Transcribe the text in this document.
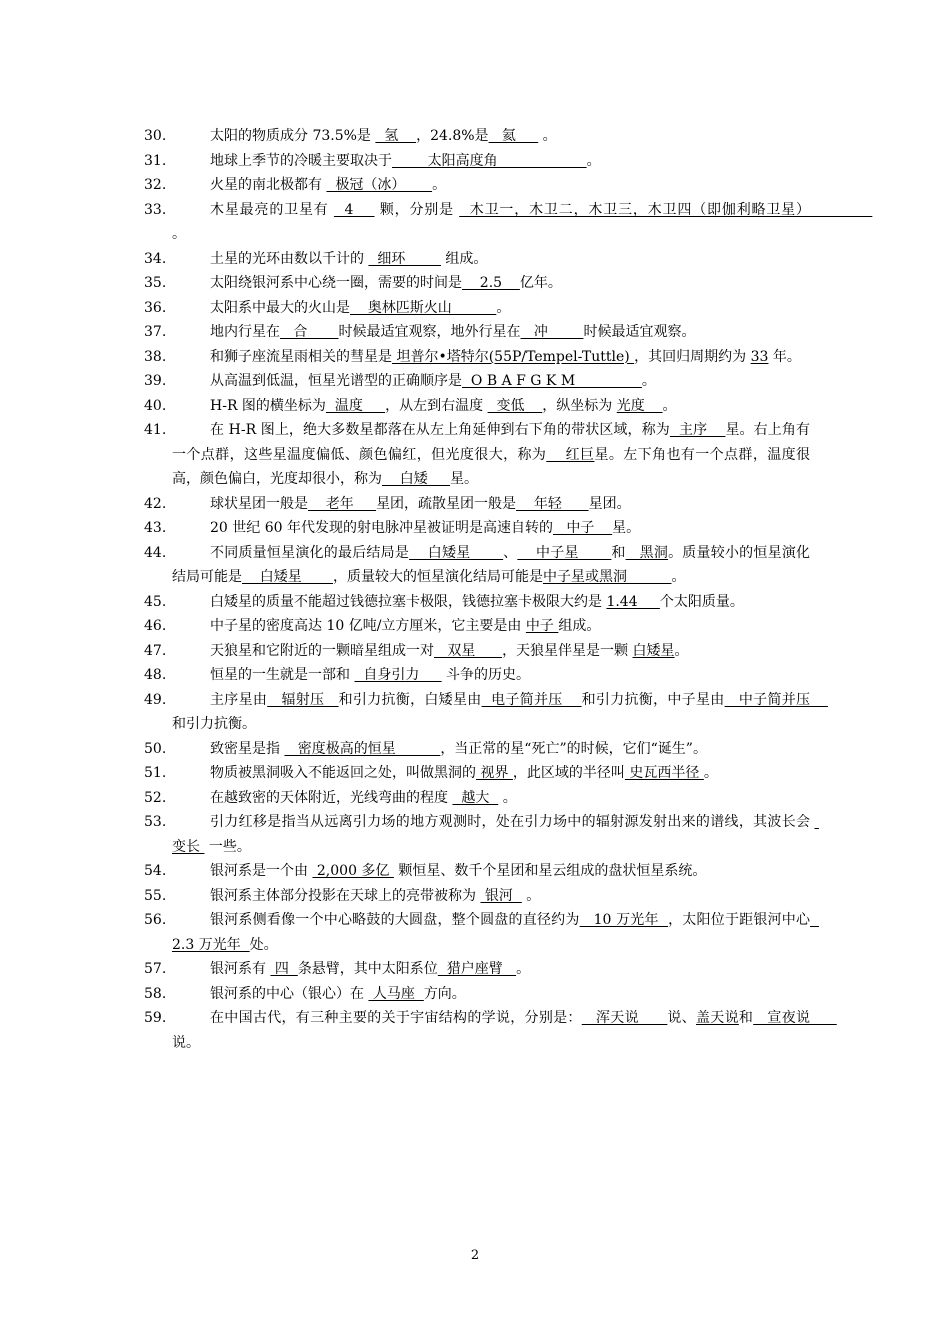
30.	太阳的物质成分 73.5%是   氢    ，24.8%是   氦      。
31.	地球上季节的冷暖主要取决于        太阳高度角                    。
32.	火星的南北极都有   极冠（冰）      。
33.	木星最亮的卫星有   4     颗，分别是   木卫一，木卫二，木卫三，木卫四（即伽利略卫星）               。
34.	土星的光环由数以千计的   细环         组成。
35.	太阳绕银河系中心绕一圈，需要的时间是    2.5    亿年。
36.	太阳系中最大的火山是    奥林匹斯火山          。
37.	地内行星在   合       时候最适宜观察，地外行星在   冲        时候最适宜观察。
38.	和狮子座流星雨相关的彗星是 坦普尔•塔特尔(55P/Tempel-Tuttle) ，其回归周期约为 33 年。
39.	从高温到低温，恒星光谱型的正确顺序是  O B A F G K M               。
40.	H-R 图的横坐标为  温度     ，从左到右温度   变低    ，纵坐标为 光度    。
41.	在 H-R 图上，绝大多数星都落在从左上角延伸到右下角的带状区域，称为  主序    星。右上角有一个点群，这些星温度偏低、颜色偏红，但光度很大，称为    红巨星。左下角也有一个点群，温度很高，颜色偏白，光度却很小，称为    白矮     星。
42.	球状星团一般是    老年     星团，疏散星团一般是    年轻      星团。
43.	20 世纪 60 年代发现的射电脉冲星被证明是高速自转的   中子    星。
44.	不同质量恒星演化的最后结局是    白矮星       、    中子星       和   黑洞。质量较小的恒星演化结局可能是    白矮星       ，质量较大的恒星演化结局可能是中子星或黑洞          。
45.	白矮星的质量不能超过钱德拉塞卡极限，钱德拉塞卡极限大约是 1.44     个太阳质量。
46.	中子星的密度高达 10 亿吨/立方厘米，它主要是由 中子 组成。
47.	天狼星和它附近的一颗暗星组成一对   双星      ，天狼星伴星是一颗 白矮星。
48.	恒星的一生就是一部和   自身引力      斗争的历史。
49.	主序星由   辐射压   和引力抗衡，白矮星由  电子简并压    和引力抗衡，中子星由   中子简并压    和引力抗衡。
50.	致密星是指    密度极高的恒星          ，当正常的星“死亡”的时候，它们“诞生”。
51.	物质被黑洞吸入不能返回之处，叫做黑洞的 视界 ，此区域的半径叫 史瓦西半径 。
52.	在越致密的天体附近，光线弯曲的程度   越大   。
53.	引力红移是指当从远离引力场的地方观测时，处在引力场中的辐射源发射出来的谱线，其波长会  变长  一些。
54.	银河系是一个由  2,000 多亿  颗恒星、数千个星团和星云组成的盘状恒星系统。
55.	银河系主体部分投影在天球上的亮带被称为  银河   。
56.	银河系侧看像一个中心略鼓的大圆盘，整个圆盘的直径约为   10 万光年  ，太阳位于距银河中心  2.3 万光年  处。
57.	银河系有  四  条悬臂，其中太阳系位  猎户座臂   。
58.	银河系的中心（银心）在  人马座  方向。
59.	在中国古代，有三种主要的关于宇宙结构的学说，分别是：   浑天说      说、盖天说和   宣夜说      说。
2
